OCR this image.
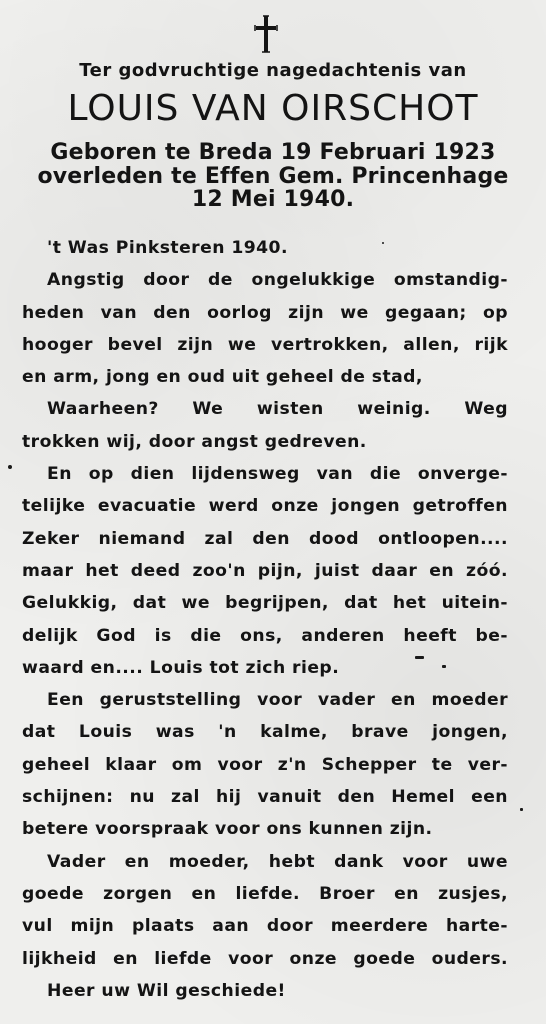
Ter godvruchtige nagedachtenis van
LOUIS VAN OIRSCHOT
Geboren te Breda 19 Februari 1923
overleden te Effen Gem. Princenhage
12 Mei 1940.
't Was Pinksteren 1940.
Angstig door de ongelukkige omstandig-
heden van den oorlog zijn we gegaan; op
hooger bevel zijn we vertrokken, allen, rijk
en arm, jong en oud uit geheel de stad,
Waarheen? We wisten weinig. Weg
trokken wij, door angst gedreven.
En op dien lijdensweg van die onverge-
telijke evacuatie werd onze jongen getroffen
Zeker niemand zal den dood ontloopen....
maar het deed zoo'n pijn, juist daar en zóó.
Gelukkig, dat we begrijpen, dat het uitein-
delijk God is die ons, anderen heeft be-
waard en.... Louis tot zich riep.
Een geruststelling voor vader en moeder
dat Louis was 'n kalme, brave jongen,
geheel klaar om voor z'n Schepper te ver-
schijnen: nu zal hij vanuit den Hemel een
betere voorspraak voor ons kunnen zijn.
Vader en moeder, hebt dank voor uwe
goede zorgen en liefde. Broer en zusjes,
vul mijn plaats aan door meerdere harte-
lijkheid en liefde voor onze goede ouders.
Heer uw Wil geschiede!
